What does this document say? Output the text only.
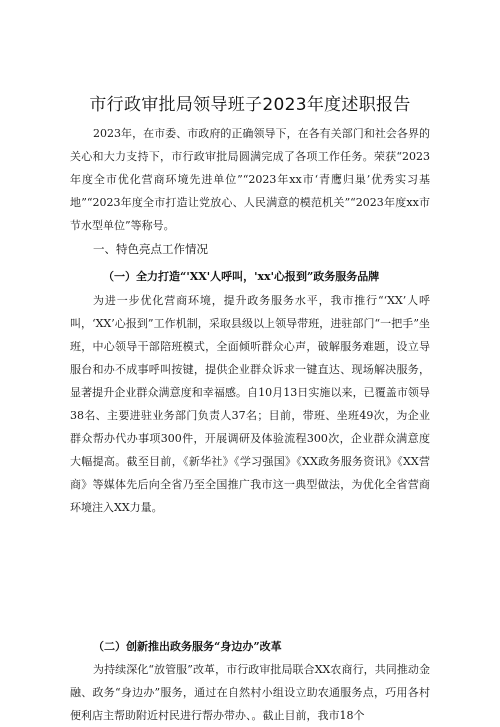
市行政审批局领导班子2023年度述职报告

2023年，在市委、市政府的正确领导下，在各有关部门和社会各界的关心和大力支持下，市行政审批局圆满完成了各项工作任务。荣获“2023年度全市优化营商环境先进单位”“2023年xx市‘青鹰归巢’优秀实习基地”“2023年度全市打造让党放心、人民满意的模范机关”“2023年度xx市节水型单位”等称号。

一、特色亮点工作情况

（一）全力打造“'XX'人呼叫，'xx'心报到”政务服务品牌

为进一步优化营商环境，提升政务服务水平，我市推行“‘XX’人呼叫，‘XX’心报到”工作机制，采取县级以上领导带班，进驻部门“一把手”坐班，中心领导干部陪班模式，全面倾听群众心声，破解服务难题，设立导服台和办不成事呼叫按键，提供企业群众诉求一键直达、现场解决服务，显著提升企业群众满意度和幸福感。自10月13日实施以来，已覆盖市领导38名、主要进驻业务部门负责人37名；目前，带班、坐班49次，为企业群众帮办代办事项300件，开展调研及体验流程300次，企业群众满意度大幅提高。截至目前，《新华社》《学习强国》《XX政务服务资讯》《XX营商》等媒体先后向全省乃至全国推广我市这一典型做法，为优化全省营商环境注入XX力量。

（二）创新推出政务服务“身边办”改革

为持续深化“放管服”改革，市行政审批局联合XX农商行，共同推动金融、政务“身边办”服务，通过在自然村小组设立助农通服务点，巧用各村便利店主帮助附近村民进行帮办带办、。截止目前，我市18个
